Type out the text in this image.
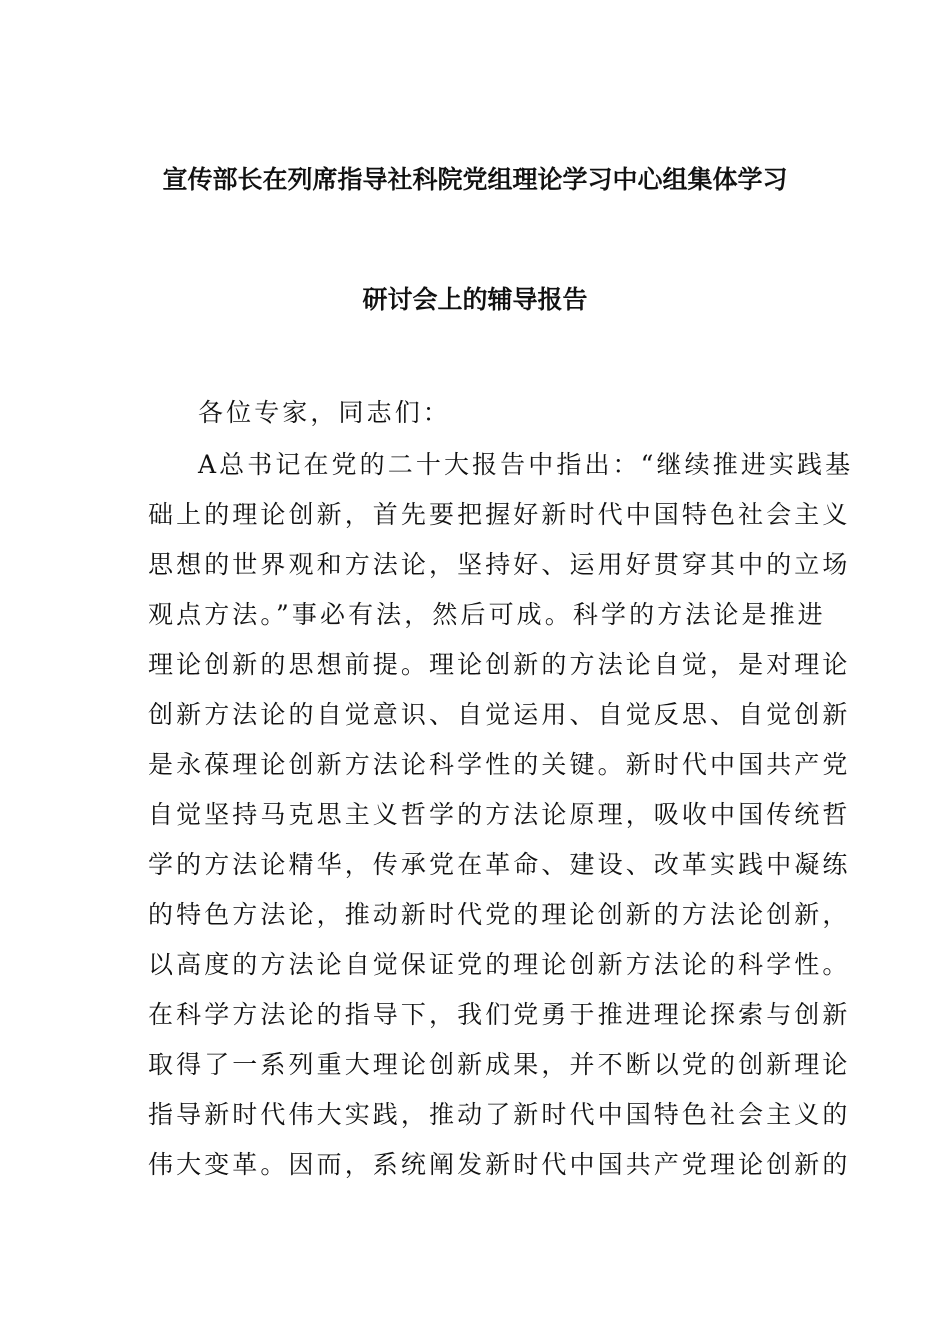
宣传部长在列席指导社科院党组理论学习中心组集体学习
研讨会上的辅导报告
各位专家，同志们：
A总书记在党的二十大报告中指出：“继续推进实践基
础上的理论创新，首先要把握好新时代中国特色社会主义
思想的世界观和方法论，坚持好、运用好贯穿其中的立场
观点方法。”事必有法，然后可成。科学的方法论是推进
理论创新的思想前提。理论创新的方法论自觉，是对理论
创新方法论的自觉意识、自觉运用、自觉反思、自觉创新
是永葆理论创新方法论科学性的关键。新时代中国共产党
自觉坚持马克思主义哲学的方法论原理，吸收中国传统哲
学的方法论精华，传承党在革命、建设、改革实践中凝练
的特色方法论，推动新时代党的理论创新的方法论创新，
以高度的方法论自觉保证党的理论创新方法论的科学性。
在科学方法论的指导下，我们党勇于推进理论探索与创新
取得了一系列重大理论创新成果，并不断以党的创新理论
指导新时代伟大实践，推动了新时代中国特色社会主义的
伟大变革。因而，系统阐发新时代中国共产党理论创新的
